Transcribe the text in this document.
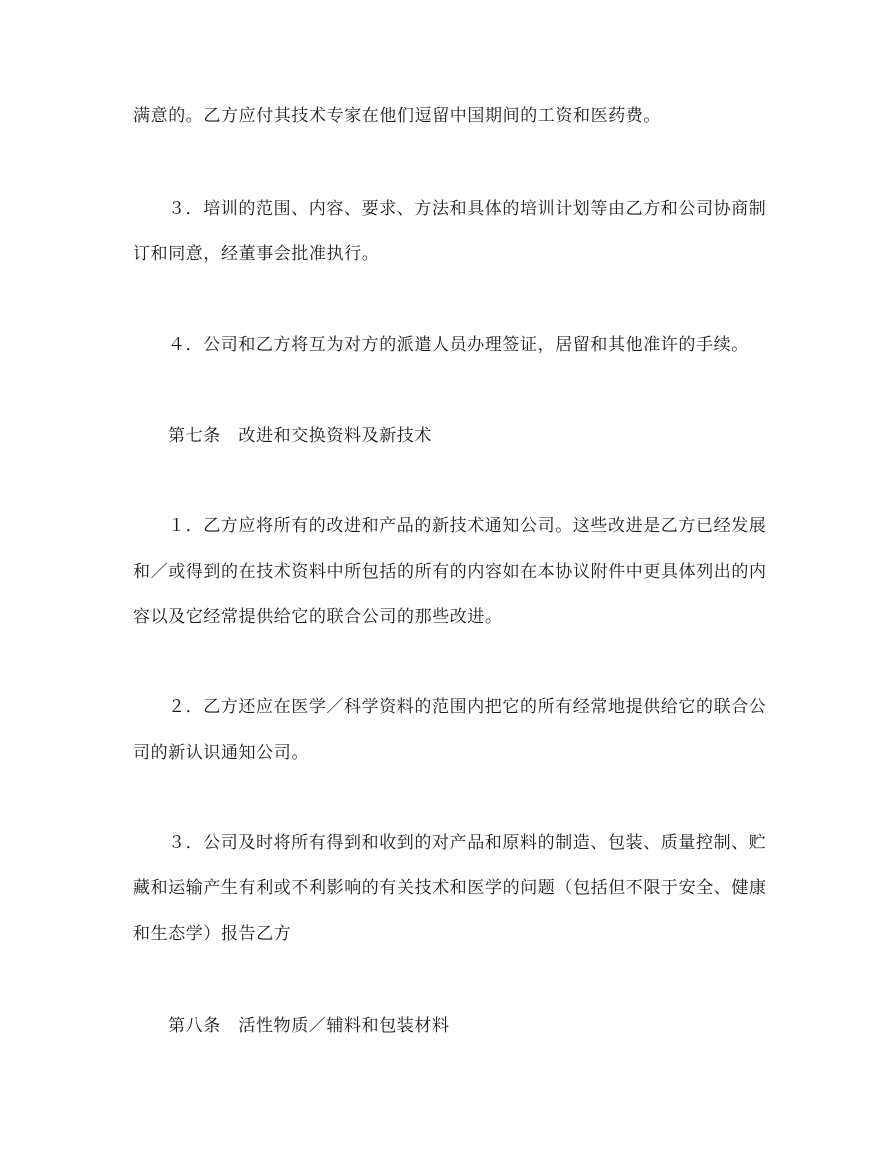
满意的。乙方应付其技术专家在他们逗留中国期间的工资和医药费。
３．培训的范围、内容、要求、方法和具体的培训计划等由乙方和公司协商制
订和同意，经董事会批准执行。
４．公司和乙方将互为对方的派遣人员办理签证，居留和其他准许的手续。
第七条　改进和交换资料及新技术
１．乙方应将所有的改进和产品的新技术通知公司。这些改进是乙方已经发展
和／或得到的在技术资料中所包括的所有的内容如在本协议附件中更具体列出的内
容以及它经常提供给它的联合公司的那些改进。
２．乙方还应在医学／科学资料的范围内把它的所有经常地提供给它的联合公
司的新认识通知公司。
３．公司及时将所有得到和收到的对产品和原料的制造、包装、质量控制、贮
藏和运输产生有利或不利影响的有关技术和医学的问题（包括但不限于安全、健康
和生态学）报告乙方
第八条　活性物质／辅料和包装材料
